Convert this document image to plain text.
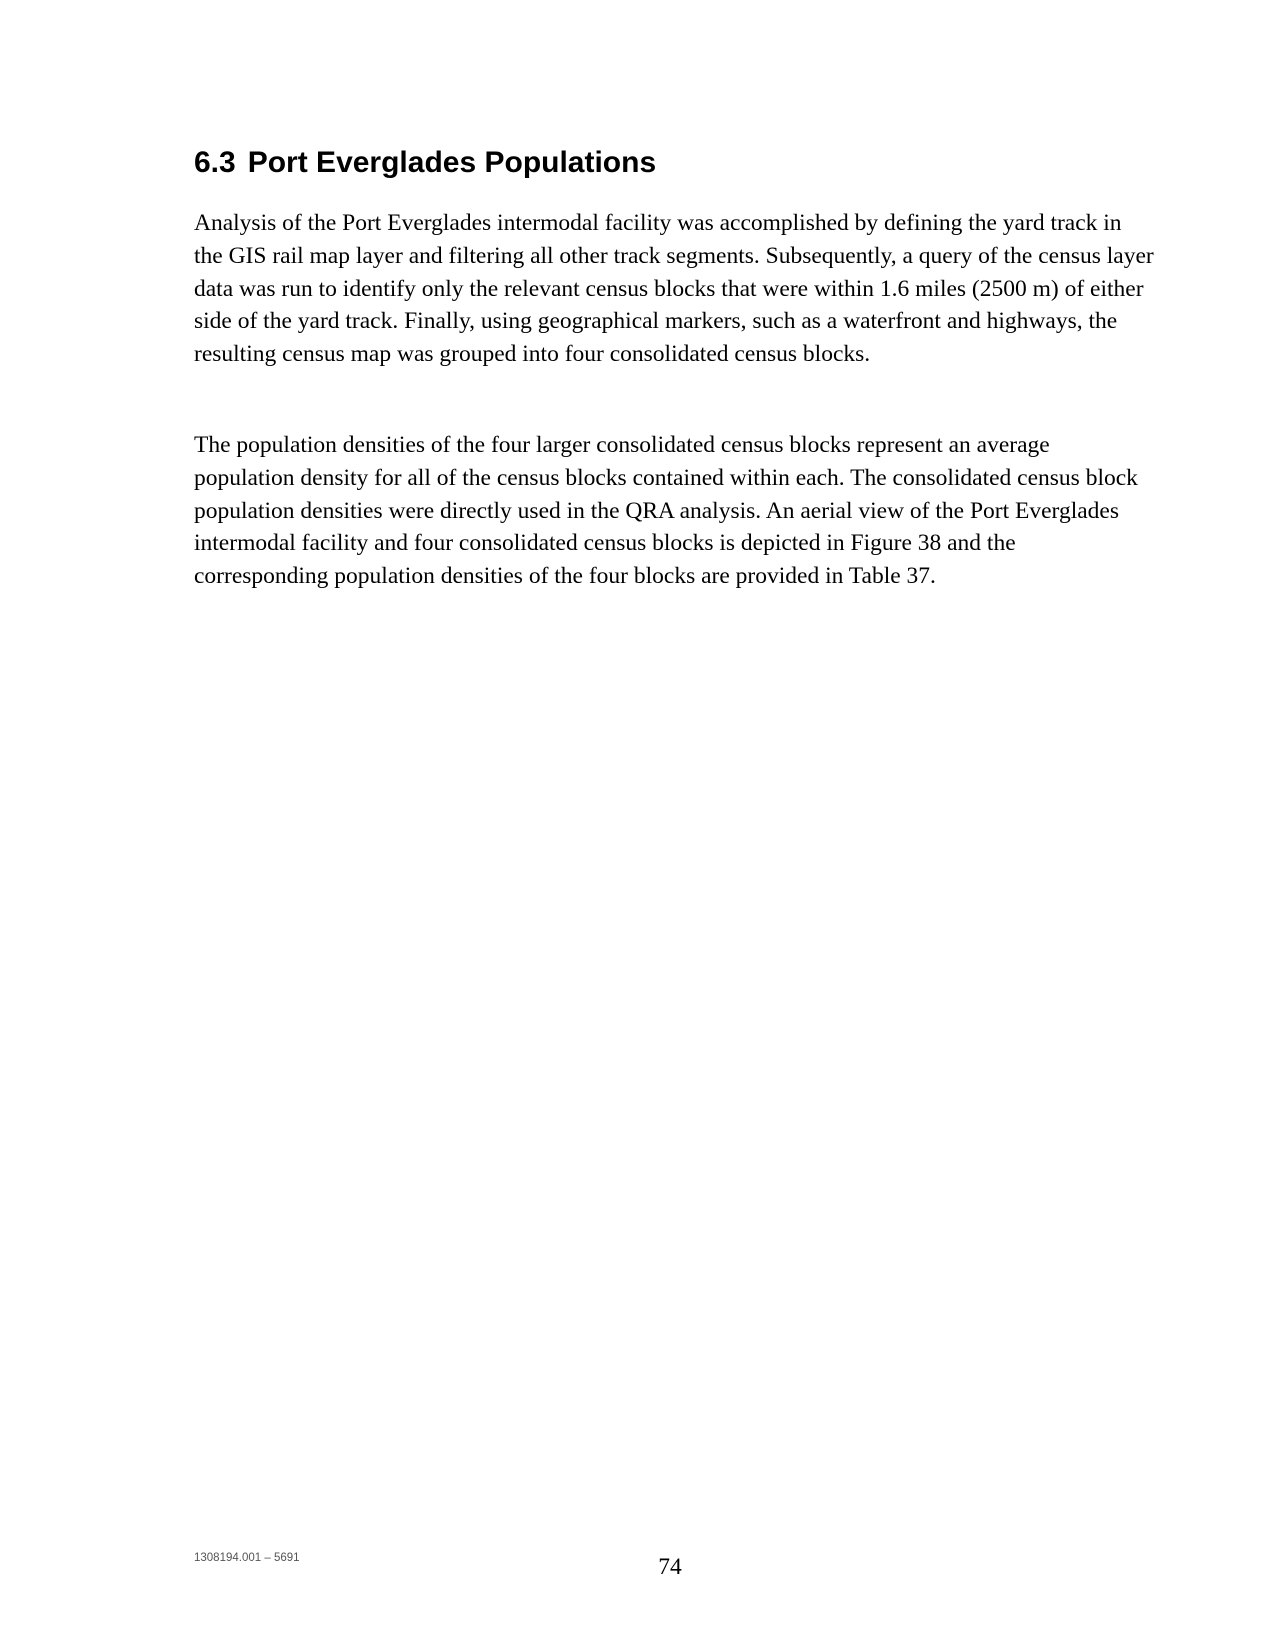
6.3 Port Everglades Populations

Analysis of the Port Everglades intermodal facility was accomplished by defining the yard track in the GIS rail map layer and filtering all other track segments. Subsequently, a query of the census layer data was run to identify only the relevant census blocks that were within 1.6 miles (2500 m) of either side of the yard track. Finally, using geographical markers, such as a waterfront and highways, the resulting census map was grouped into four consolidated census blocks.

The population densities of the four larger consolidated census blocks represent an average population density for all of the census blocks contained within each. The consolidated census block population densities were directly used in the QRA analysis. An aerial view of the Port Everglades intermodal facility and four consolidated census blocks is depicted in Figure 38 and the corresponding population densities of the four blocks are provided in Table 37.

1308194.001 – 5691	74
